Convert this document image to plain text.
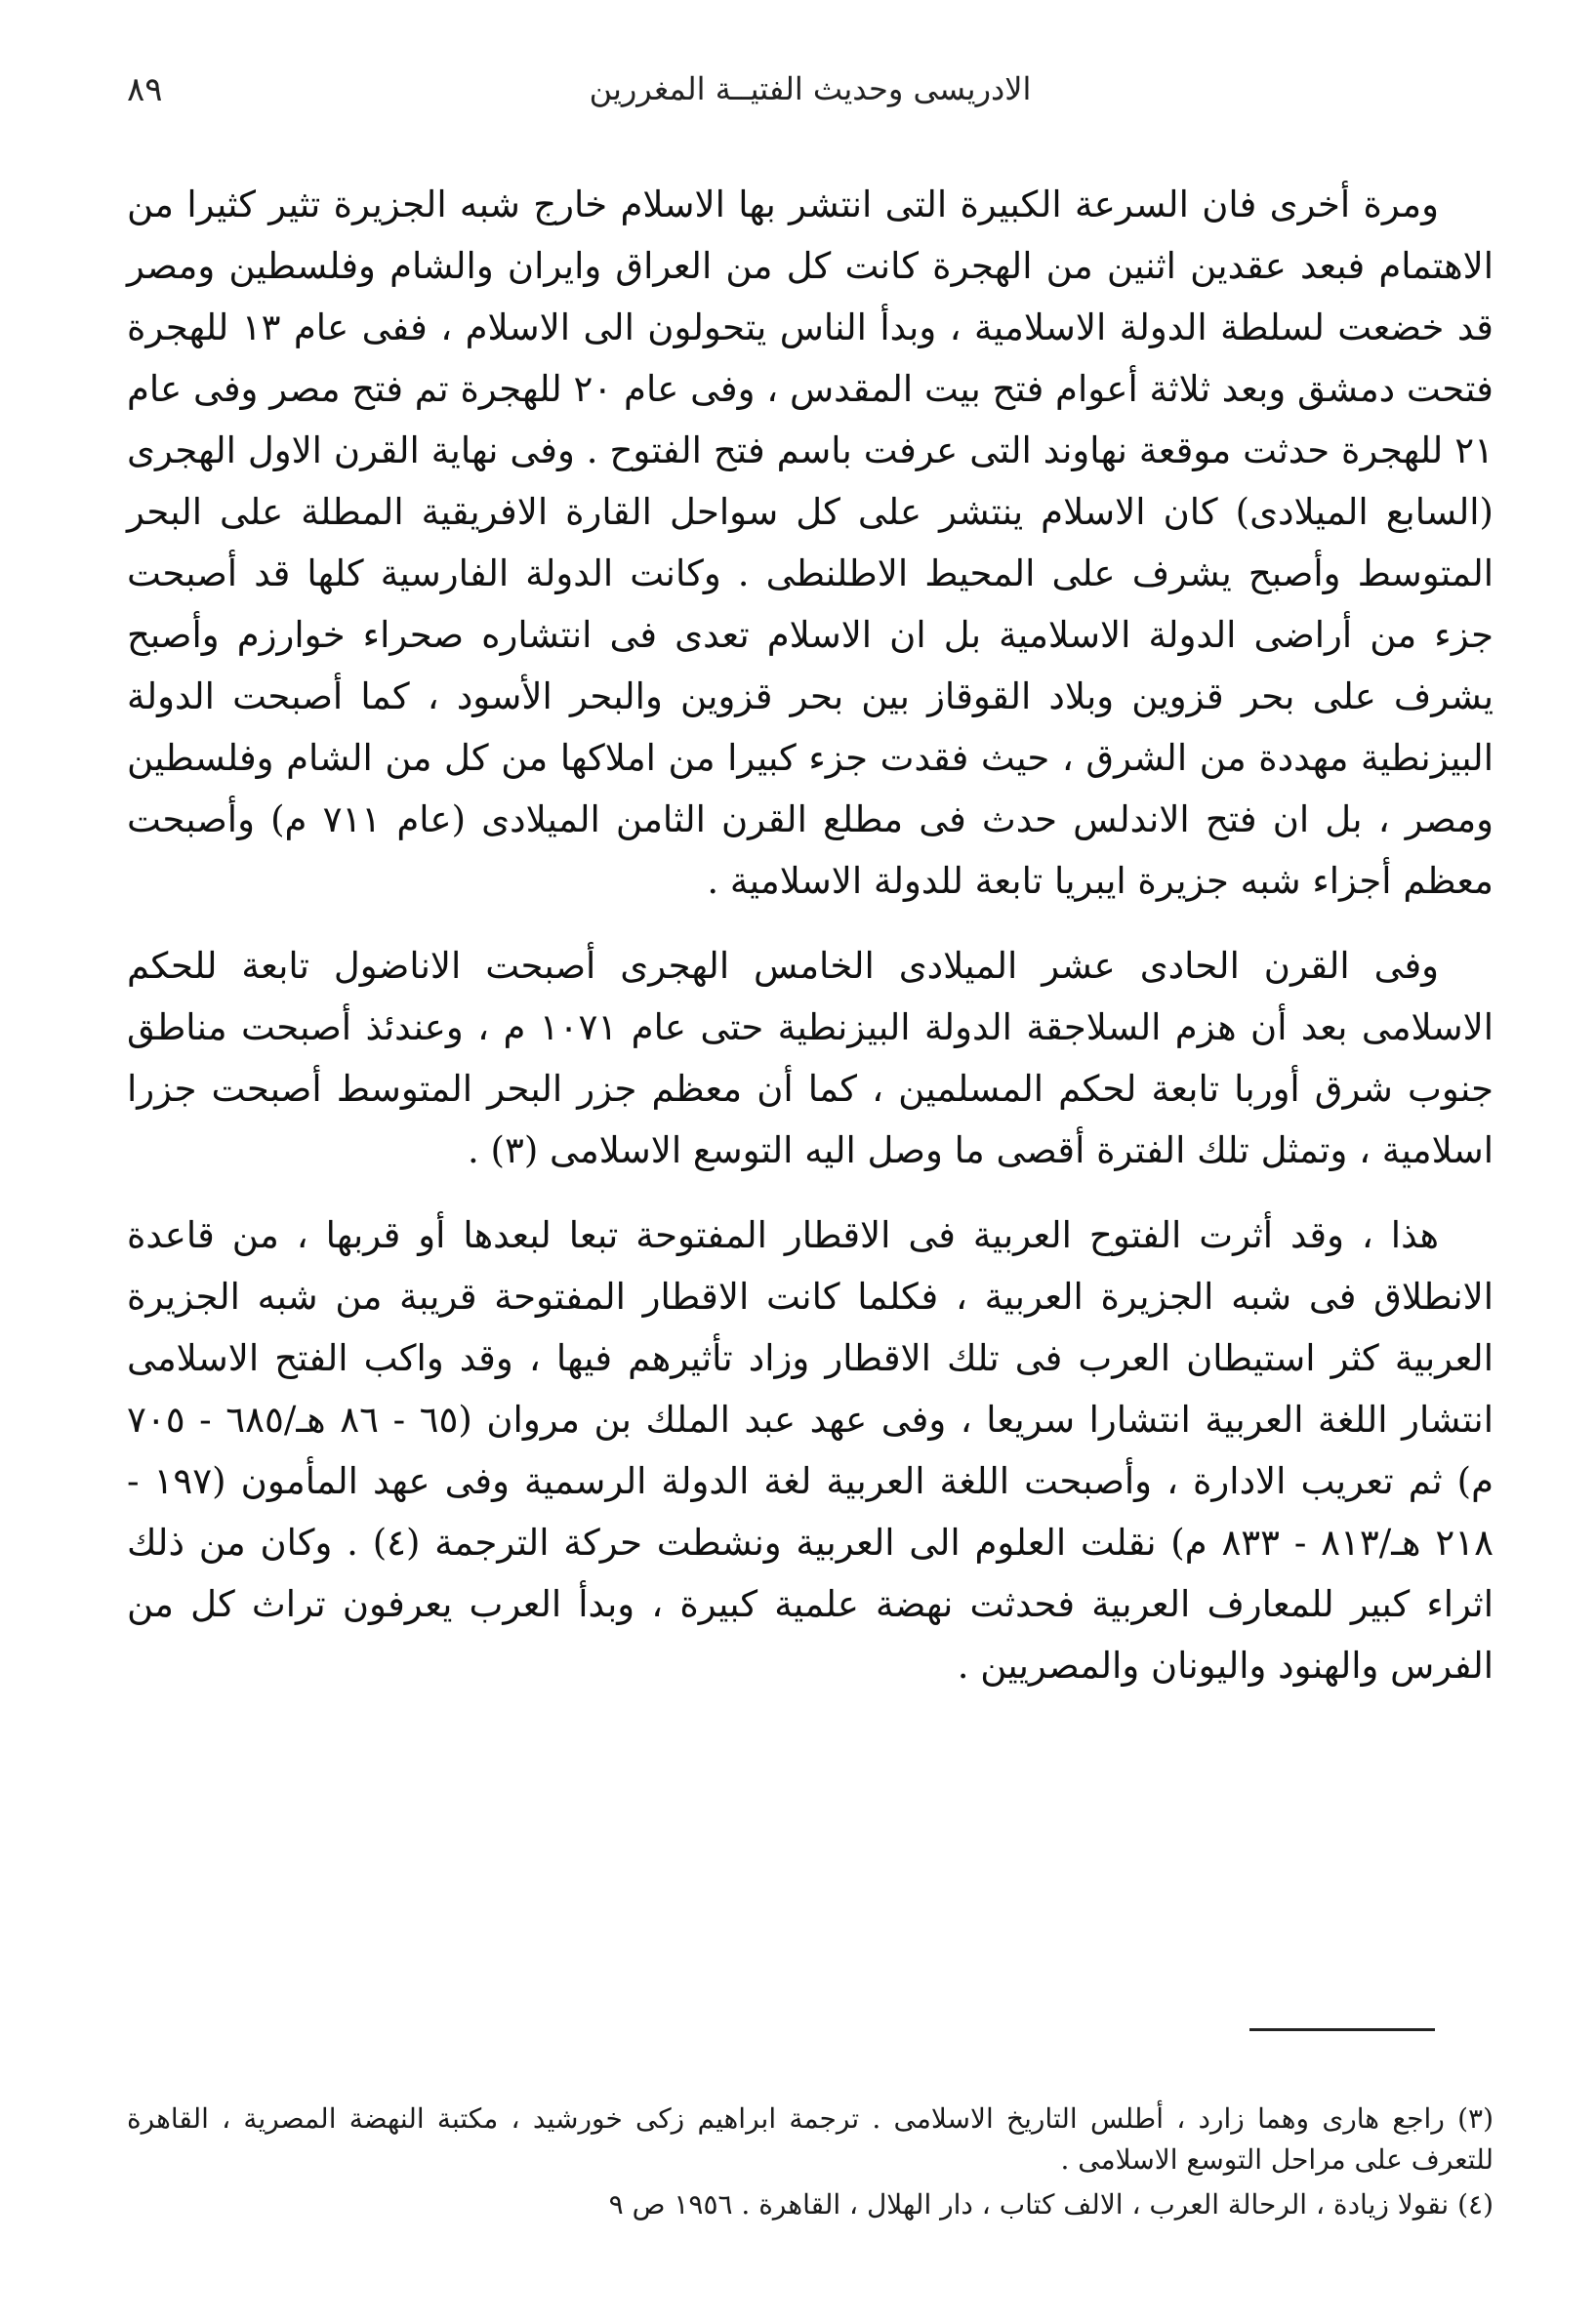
٨٩	الادريسى وحديث الفتيــة المغررين

ومرة أخرى فان السرعة الكبيرة التى انتشر بها الاسلام خارج شبه الجزيرة تثير كثيرا من الاهتمام فبعد عقدين اثنين من الهجرة كانت كل من العراق وايران والشام وفلسطين ومصر قد خضعت لسلطة الدولة الاسلامية ، وبدأ الناس يتحولون الى الاسلام ، ففى عام ١٣ للهجرة فتحت دمشق وبعد ثلاثة أعوام فتح بيت المقدس ، وفى عام ٢٠ للهجرة تم فتح مصر وفى عام ٢١ للهجرة حدثت موقعة نهاوند التى عرفت باسم فتح الفتوح . وفى نهاية القرن الاول الهجرى (السابع الميلادى) كان الاسلام ينتشر على كل سواحل القارة الافريقية المطلة على البحر المتوسط وأصبح يشرف على المحيط الاطلنطى . وكانت الدولة الفارسية كلها قد أصبحت جزء من أراضى الدولة الاسلامية بل ان الاسلام تعدى فى انتشاره صحراء خوارزم وأصبح يشرف على بحر قزوين وبلاد القوقاز بين بحر قزوين والبحر الأسود ، كما أصبحت الدولة البيزنطية مهددة من الشرق ، حيث فقدت جزء كبيرا من املاكها من كل من الشام وفلسطين ومصر ، بل ان فتح الاندلس حدث فى مطلع القرن الثامن الميلادى (عام ٧١١ م) وأصبحت معظم أجزاء شبه جزيرة ايبريا تابعة للدولة الاسلامية .

وفى القرن الحادى عشر الميلادى الخامس الهجرى أصبحت الاناضول تابعة للحكم الاسلامى بعد أن هزم السلاجقة الدولة البيزنطية حتى عام ١٠٧١ م ، وعندئذ أصبحت مناطق جنوب شرق أوربا تابعة لحكم المسلمين ، كما أن معظم جزر البحر المتوسط أصبحت جزرا اسلامية ، وتمثل تلك الفترة أقصى ما وصل اليه التوسع الاسلامى (٣) .

هذا ، وقد أثرت الفتوح العربية فى الاقطار المفتوحة تبعا لبعدها أو قربها ، من قاعدة الانطلاق فى شبه الجزيرة العربية ، فكلما كانت الاقطار المفتوحة قريبة من شبه الجزيرة العربية كثر استيطان العرب فى تلك الاقطار وزاد تأثيرهم فيها ، وقد واكب الفتح الاسلامى انتشار اللغة العربية انتشارا سريعا ، وفى عهد عبد الملك بن مروان (٦٥ - ٨٦ هـ/٦٨٥ - ٧٠٥ م) ثم تعريب الادارة ، وأصبحت اللغة العربية لغة الدولة الرسمية وفى عهد المأمون (١٩٧ - ٢١٨ هـ/٨١٣ - ٨٣٣ م) نقلت العلوم الى العربية ونشطت حركة الترجمة (٤) . وكان من ذلك اثراء كبير للمعارف العربية فحدثت نهضة علمية كبيرة ، وبدأ العرب يعرفون تراث كل من الفرس والهنود واليونان والمصريين .

(٣) راجع هارى وهما زارد ، أطلس التاريخ الاسلامى . ترجمة ابراهيم زكى خورشيد ، مكتبة النهضة المصرية ، القاهرة للتعرف على مراحل التوسع الاسلامى .

(٤) نقولا زيادة ، الرحالة العرب ، الالف كتاب ، دار الهلال ، القاهرة . ١٩٥٦ ص ٩
